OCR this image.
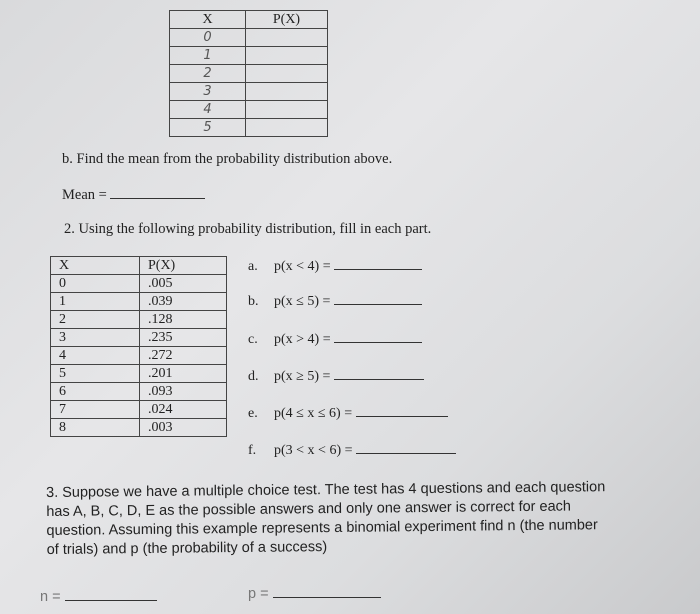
X	P(X)
0	
1	
2	
3	
4	
5	
b. Find the mean from the probability distribution above.
Mean =
2. Using the following probability distribution, fill in each part.
X	P(X)
0	.005
1	.039
2	.128
3	.235
4	.272
5	.201
6	.093
7	.024
8	.003
a. p(x < 4) =
b. p(x ≤ 5) =
c. p(x > 4) =
d. p(x ≥ 5) =
e. p(4 ≤ x ≤ 6) =
f. p(3 < x < 6) =
3. Suppose we have a multiple choice test. The test has 4 questions and each question
has A, B, C, D, E as the possible answers and only one answer is correct for each
question. Assuming this example represents a binomial experiment find n (the number
of trials) and p (the probability of a success)
n =	p =
